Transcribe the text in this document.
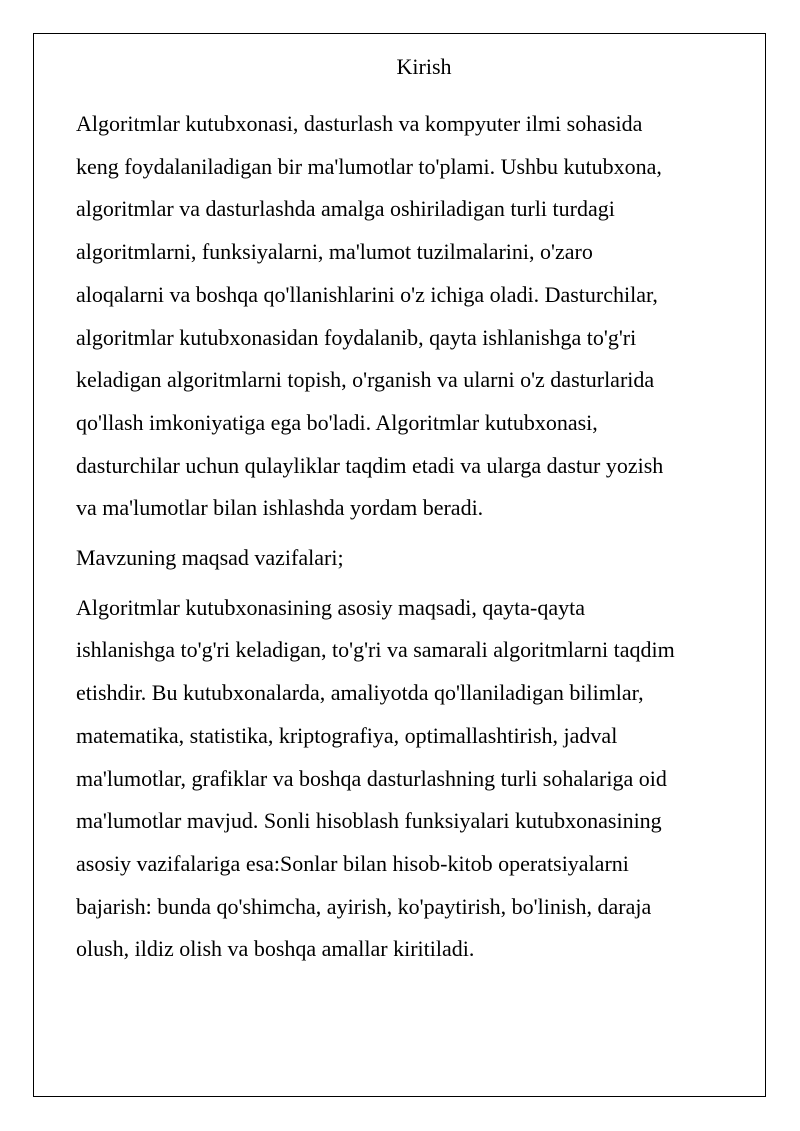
Kirish

Algoritmlar kutubxonasi, dasturlash va kompyuter ilmi sohasida
keng foydalaniladigan bir ma'lumotlar to'plami. Ushbu kutubxona,
algoritmlar va dasturlashda amalga oshiriladigan turli turdagi
algoritmlarni, funksiyalarni, ma'lumot tuzilmalarini, o'zaro
aloqalarni va boshqa qo'llanishlarini o'z ichiga oladi. Dasturchilar,
algoritmlar kutubxonasidan foydalanib, qayta ishlanishga to'g'ri
keladigan algoritmlarni topish, o'rganish va ularni o'z dasturlarida
qo'llash imkoniyatiga ega bo'ladi. Algoritmlar kutubxonasi,
dasturchilar uchun qulayliklar taqdim etadi va ularga dastur yozish
va ma'lumotlar bilan ishlashda yordam beradi.

Mavzuning maqsad vazifalari;

Algoritmlar kutubxonasining asosiy maqsadi, qayta-qayta
ishlanishga to'g'ri keladigan, to'g'ri va samarali algoritmlarni taqdim
etishdir. Bu kutubxonalarda, amaliyotda qo'llaniladigan bilimlar,
matematika, statistika, kriptografiya, optimallashtirish, jadval
ma'lumotlar, grafiklar va boshqa dasturlashning turli sohalariga oid
ma'lumotlar mavjud. Sonli hisoblash funksiyalari kutubxonasining
asosiy vazifalariga esa:Sonlar bilan hisob-kitob operatsiyalarni
bajarish: bunda qo'shimcha, ayirish, ko'paytirish, bo'linish, daraja
olush, ildiz olish va boshqa amallar kiritiladi.
